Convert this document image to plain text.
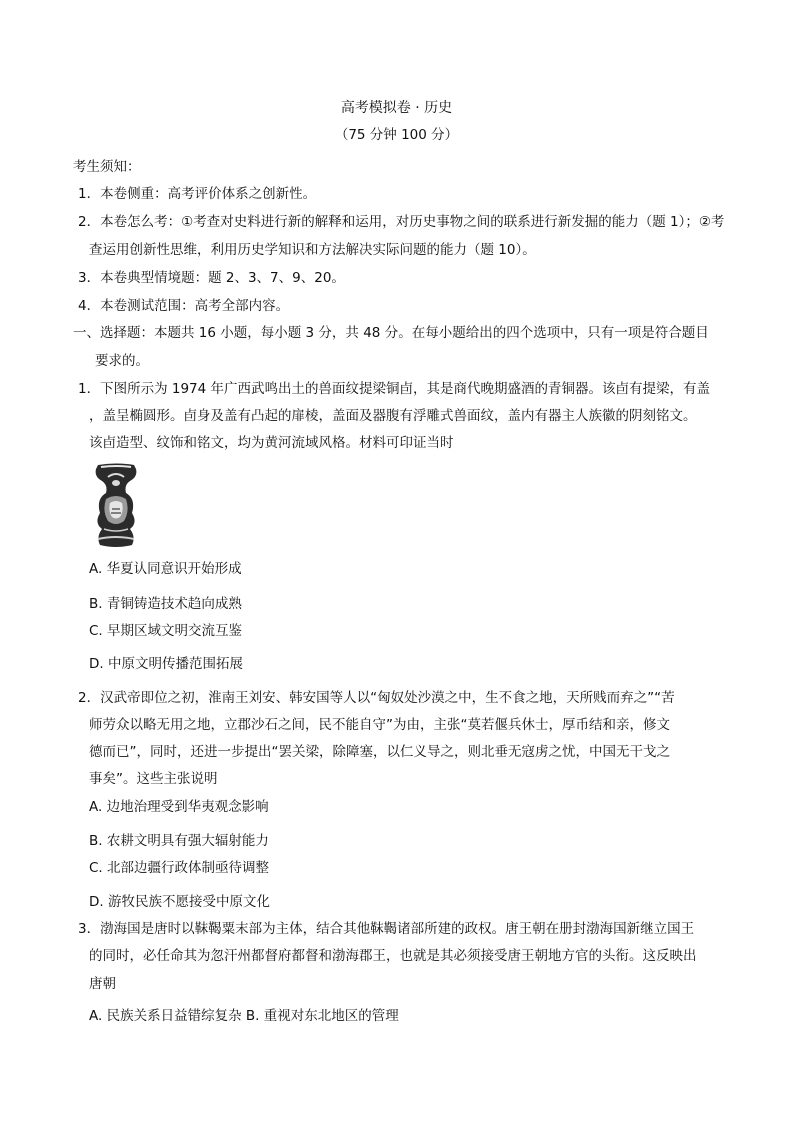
高考模拟卷 · 历史
（75 分钟 100 分）
考生须知：
1．本卷侧重：高考评价体系之创新性。
2．本卷怎么考：①考查对史料进行新的解释和运用，对历史事物之间的联系进行新发掘的能力（题 1）；②考
查运用创新性思维，利用历史学知识和方法解决实际问题的能力（题 10）。
3．本卷典型情境题：题 2、3、7、9、20。
4．本卷测试范围：高考全部内容。
一、选择题：本题共 16 小题，每小题 3 分，共 48 分。在每小题给出的四个选项中，只有一项是符合题目
要求的。
1．下图所示为 1974 年广西武鸣出土的兽面纹提梁铜卣，其是商代晚期盛酒的青铜器。该卣有提梁，有盖
，盖呈椭圆形。卣身及盖有凸起的扉棱，盖面及器腹有浮雕式兽面纹，盖内有器主人族徽的阴刻铭文。
该卣造型、纹饰和铭文，均为黄河流域风格。材料可印证当时
A. 华夏认同意识开始形成
B. 青铜铸造技术趋向成熟
C. 早期区域文明交流互鉴
D. 中原文明传播范围拓展
2．汉武帝即位之初，淮南王刘安、韩安国等人以“匈奴处沙漠之中，生不食之地，天所贱而弃之”“苦
师劳众以略无用之地，立郡沙石之间，民不能自守”为由，主张“莫若偃兵休士，厚币结和亲，修文
德而已”，同时，还进一步提出“罢关梁，除障塞，以仁义导之，则北垂无寇虏之忧，中国无干戈之
事矣”。这些主张说明
A. 边地治理受到华夷观念影响
B. 农耕文明具有强大辐射能力
C. 北部边疆行政体制亟待调整
D. 游牧民族不愿接受中原文化
3．渤海国是唐时以靺鞨粟末部为主体，结合其他靺鞨诸部所建的政权。唐王朝在册封渤海国新继立国王
的同时，必任命其为忽汗州都督府都督和渤海郡王，也就是其必须接受唐王朝地方官的头衔。这反映出
唐朝
A. 民族关系日益错综复杂 B. 重视对东北地区的管理
